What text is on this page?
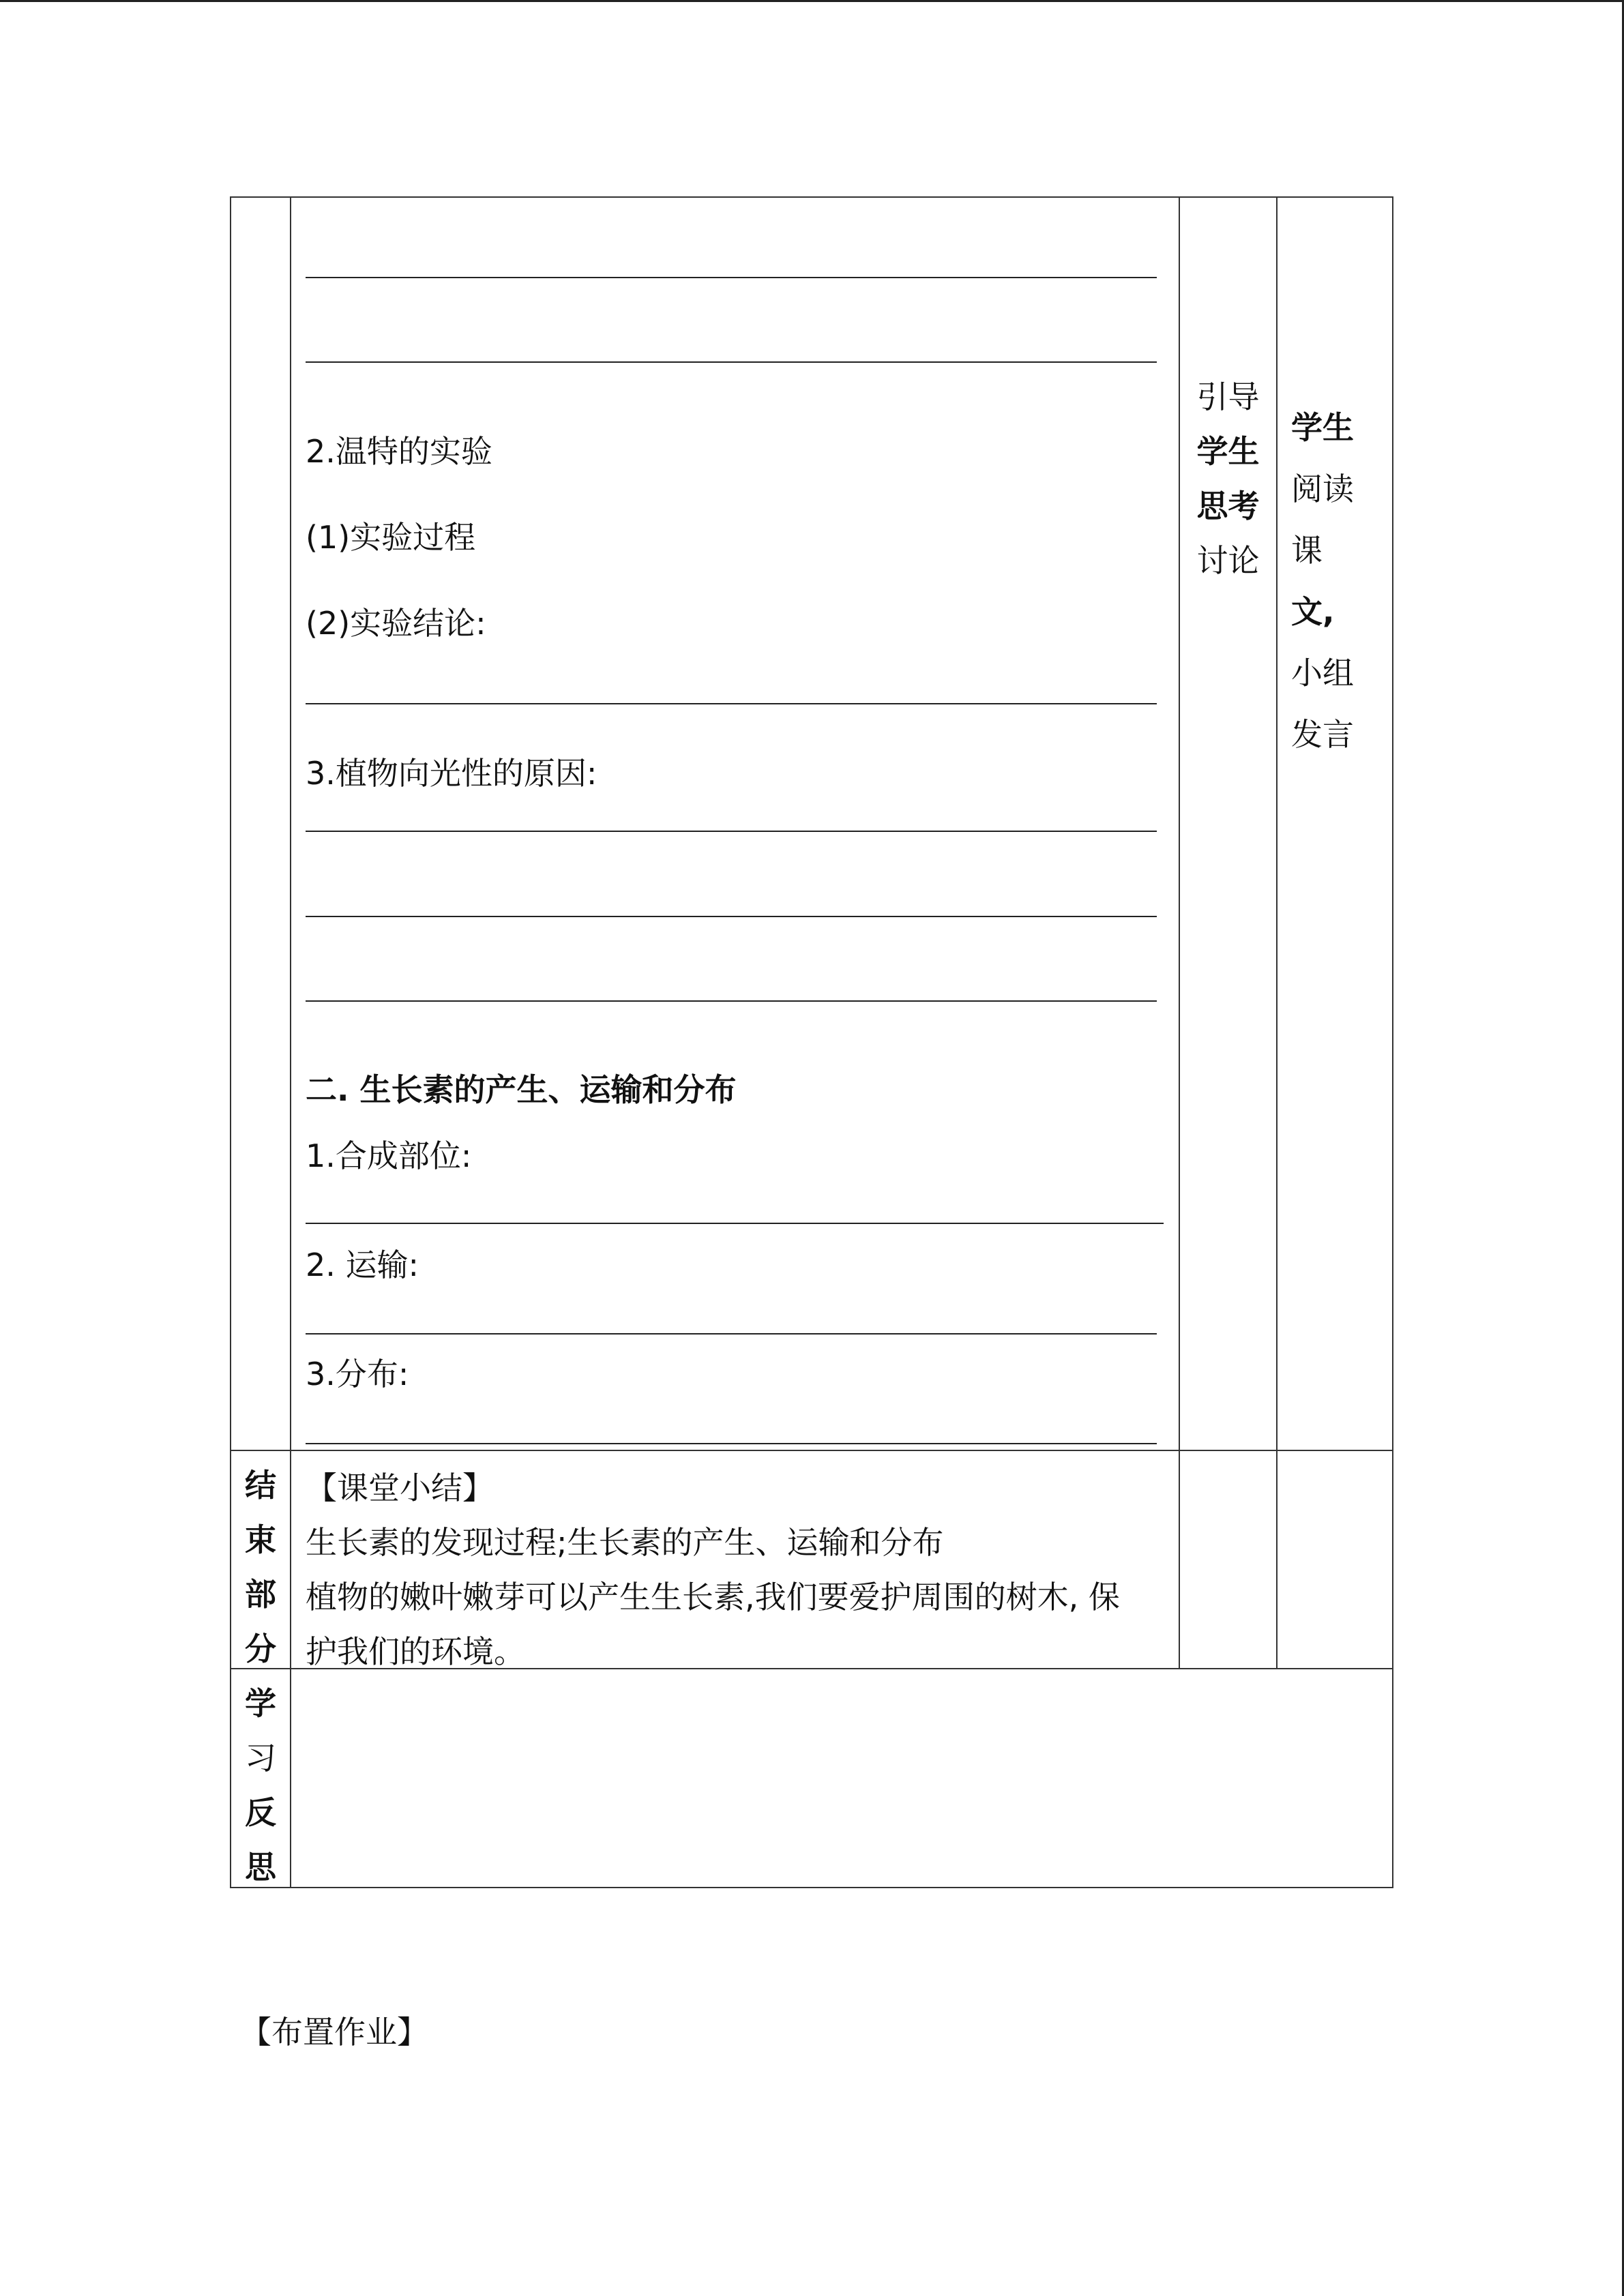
2.温特的实验
(1)实验过程
(2)实验结论:
3.植物向光性的原因:
二. 生长素的产生、运输和分布
1.合成部位:
2. 运输:
3.分布:
引导
学生
思考
讨论
学生
阅读
课
文,
小组
发言
结
束
部
分
【课堂小结】
生长素的发现过程;生长素的产生、运输和分布
植物的嫩叶嫩芽可以产生生长素,我们要爱护周围的树木, 保
护我们的环境。
学
习
反
思
【布置作业】
